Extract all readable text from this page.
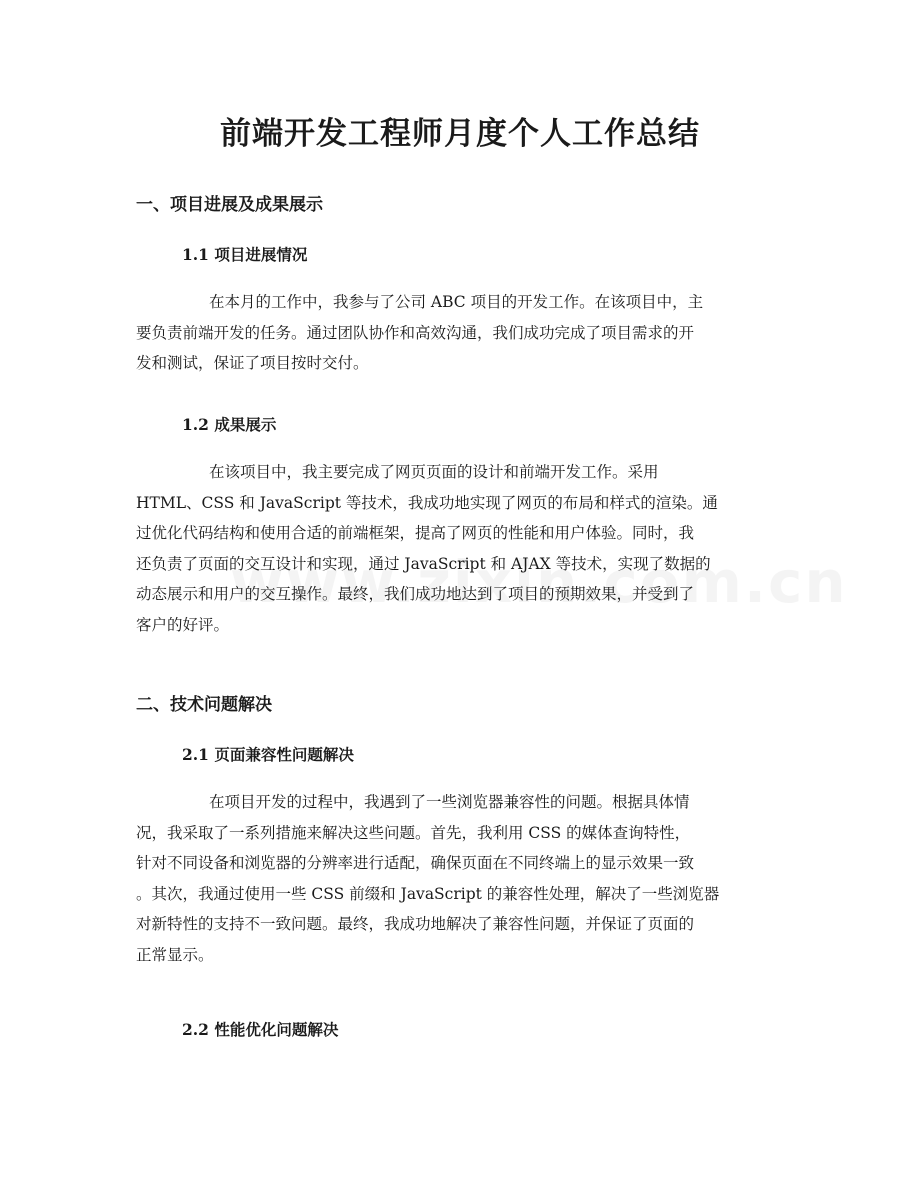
前端开发工程师月度个人工作总结
一、项目进展及成果展示
1.1 项目进展情况
在本月的工作中，我参与了公司 ABC 项目的开发工作。在该项目中，主
要负责前端开发的任务。通过团队协作和高效沟通，我们成功完成了项目需求的开
发和测试，保证了项目按时交付。
1.2 成果展示
在该项目中，我主要完成了网页页面的设计和前端开发工作。采用
HTML、CSS 和 JavaScript 等技术，我成功地实现了网页的布局和样式的渲染。通
过优化代码结构和使用合适的前端框架，提高了网页的性能和用户体验。同时，我
还负责了页面的交互设计和实现，通过 JavaScript 和 AJAX 等技术，实现了数据的
动态展示和用户的交互操作。最终，我们成功地达到了项目的预期效果，并受到了
客户的好评。
二、技术问题解决
2.1 页面兼容性问题解决
在项目开发的过程中，我遇到了一些浏览器兼容性的问题。根据具体情
况，我采取了一系列措施来解决这些问题。首先，我利用 CSS 的媒体查询特性，
针对不同设备和浏览器的分辨率进行适配，确保页面在不同终端上的显示效果一致
。其次，我通过使用一些 CSS 前缀和 JavaScript 的兼容性处理，解决了一些浏览器
对新特性的支持不一致问题。最终，我成功地解决了兼容性问题，并保证了页面的
正常显示。
2.2 性能优化问题解决
